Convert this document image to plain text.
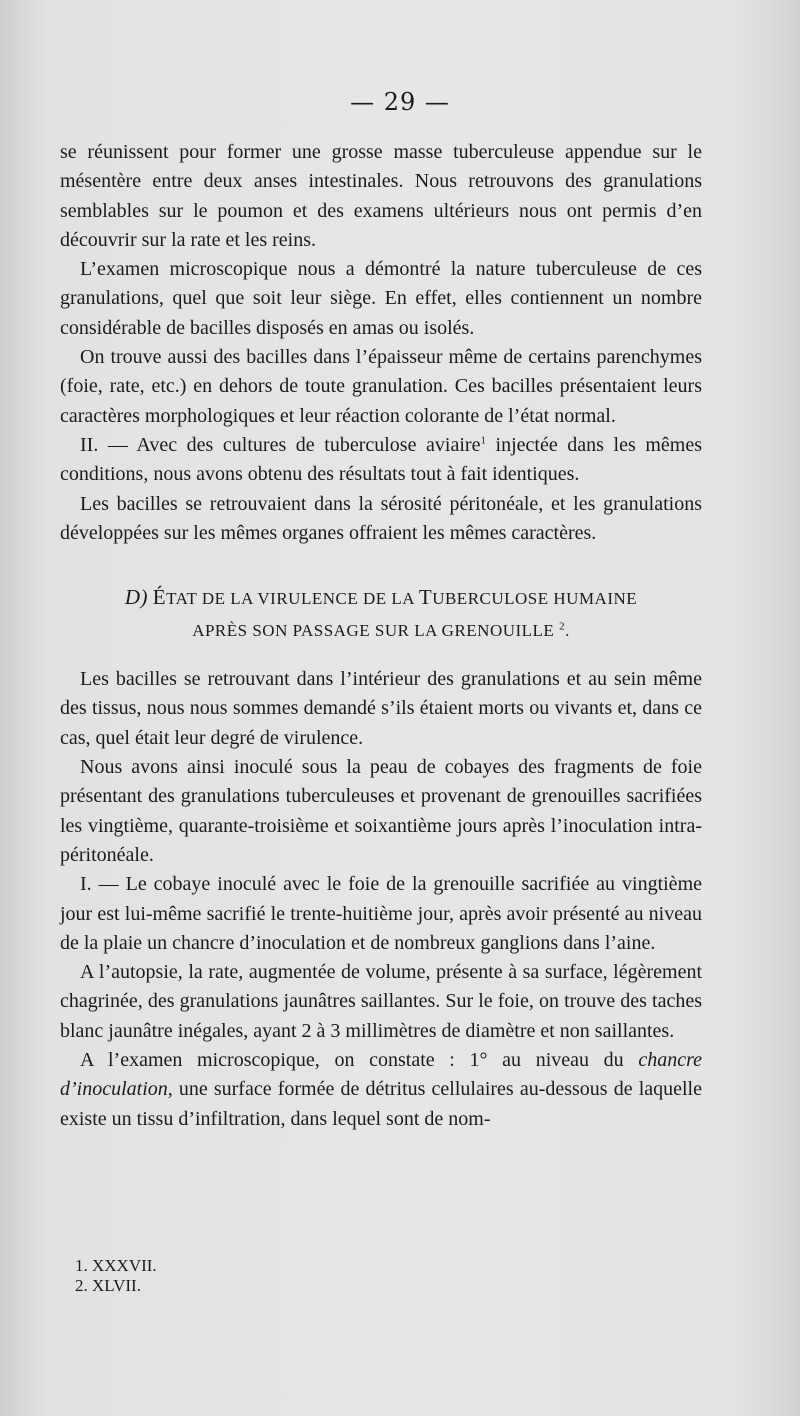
— 29 —

se réunissent pour former une grosse masse tuberculeuse appendue sur le mésentère entre deux anses intestinales. Nous retrouvons des granulations semblables sur le poumon et des examens ultérieurs nous ont permis d’en découvrir sur la rate et les reins.

L’examen microscopique nous a démontré la nature tuberculeuse de ces granulations, quel que soit leur siège. En effet, elles contiennent un nombre considérable de bacilles disposés en amas ou isolés.

On trouve aussi des bacilles dans l’épaisseur même de certains parenchymes (foie, rate, etc.) en dehors de toute granulation. Ces bacilles présentaient leurs caractères morphologiques et leur réaction colorante de l’état normal.

II. — Avec des cultures de tuberculose aviaire$^1$ injectée dans les mêmes conditions, nous avons obtenu des résultats tout à fait identiques.

Les bacilles se retrouvaient dans la sérosité péritonéale, et les granulations développées sur les mêmes organes offraient les mêmes caractères.

D) ÉTAT DE LA VIRULENCE DE LA TUBERCULOSE HUMAINE
APRÈS SON PASSAGE SUR LA GRENOUILLE $^2$.

Les bacilles se retrouvant dans l’intérieur des granulations et au sein même des tissus, nous nous sommes demandé s’ils étaient morts ou vivants et, dans ce cas, quel était leur degré de virulence.

Nous avons ainsi inoculé sous la peau de cobayes des fragments de foie présentant des granulations tuberculeuses et provenant de grenouilles sacrifiées les vingtième, quarante-troisième et soixantième jours après l’inoculation intra-péritonéale.

I. — Le cobaye inoculé avec le foie de la grenouille sacrifiée au vingtième jour est lui-même sacrifié le trente-huitième jour, après avoir présenté au niveau de la plaie un chancre d’inoculation et de nombreux ganglions dans l’aine.

A l’autopsie, la rate, augmentée de volume, présente à sa surface, légèrement chagrinée, des granulations jaunâtres saillantes. Sur le foie, on trouve des taches blanc jaunâtre inégales, ayant 2 à 3 millimètres de diamètre et non saillantes.

A l’examen microscopique, on constate : 1° au niveau du chancre d’inoculation, une surface formée de détritus cellulaires au-dessous de laquelle existe un tissu d’infiltration, dans lequel sont de nom-

1. XXXVII.
2. XLVII.
